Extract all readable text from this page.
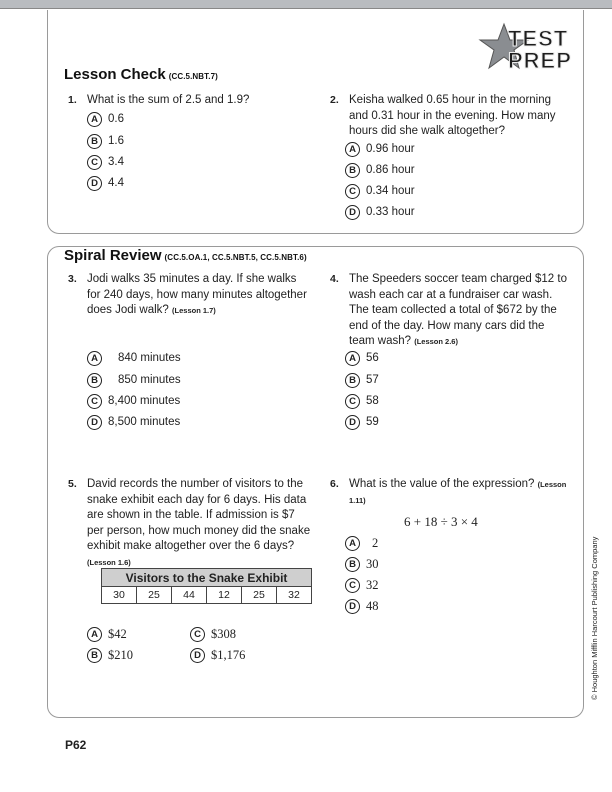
TEST
PREP
Lesson Check (CC.5.NBT.7)
1. What is the sum of 2.5 and 1.9?
A 0.6
B 1.6
C 3.4
D 4.4
2. Keisha walked 0.65 hour in the morning and 0.31 hour in the evening. How many hours did she walk altogether?
A 0.96 hour
B 0.86 hour
C 0.34 hour
D 0.33 hour
Spiral Review (CC.5.OA.1, CC.5.NBT.5, CC.5.NBT.6)
3. Jodi walks 35 minutes a day. If she walks for 240 days, how many minutes altogether does Jodi walk? (Lesson 1.7)
A 840 minutes
B 850 minutes
C 8,400 minutes
D 8,500 minutes
4. The Speeders soccer team charged $12 to wash each car at a fundraiser car wash. The team collected a total of $672 by the end of the day. How many cars did the team wash? (Lesson 2.6)
A 56
B 57
C 58
D 59
5. David records the number of visitors to the snake exhibit each day for 6 days. His data are shown in the table. If admission is $7 per person, how much money did the snake exhibit make altogether over the 6 days?
(Lesson 1.6)
Visitors to the Snake Exhibit
30	25	44	12	25	32
A $42
B $210
C $308
D $1,176
6. What is the value of the expression? (Lesson 1.11)
6 + 18 ÷ 3 × 4
A 2
B 30
C 32
D 48
P62
© Houghton Mifflin Harcourt Publishing Company
